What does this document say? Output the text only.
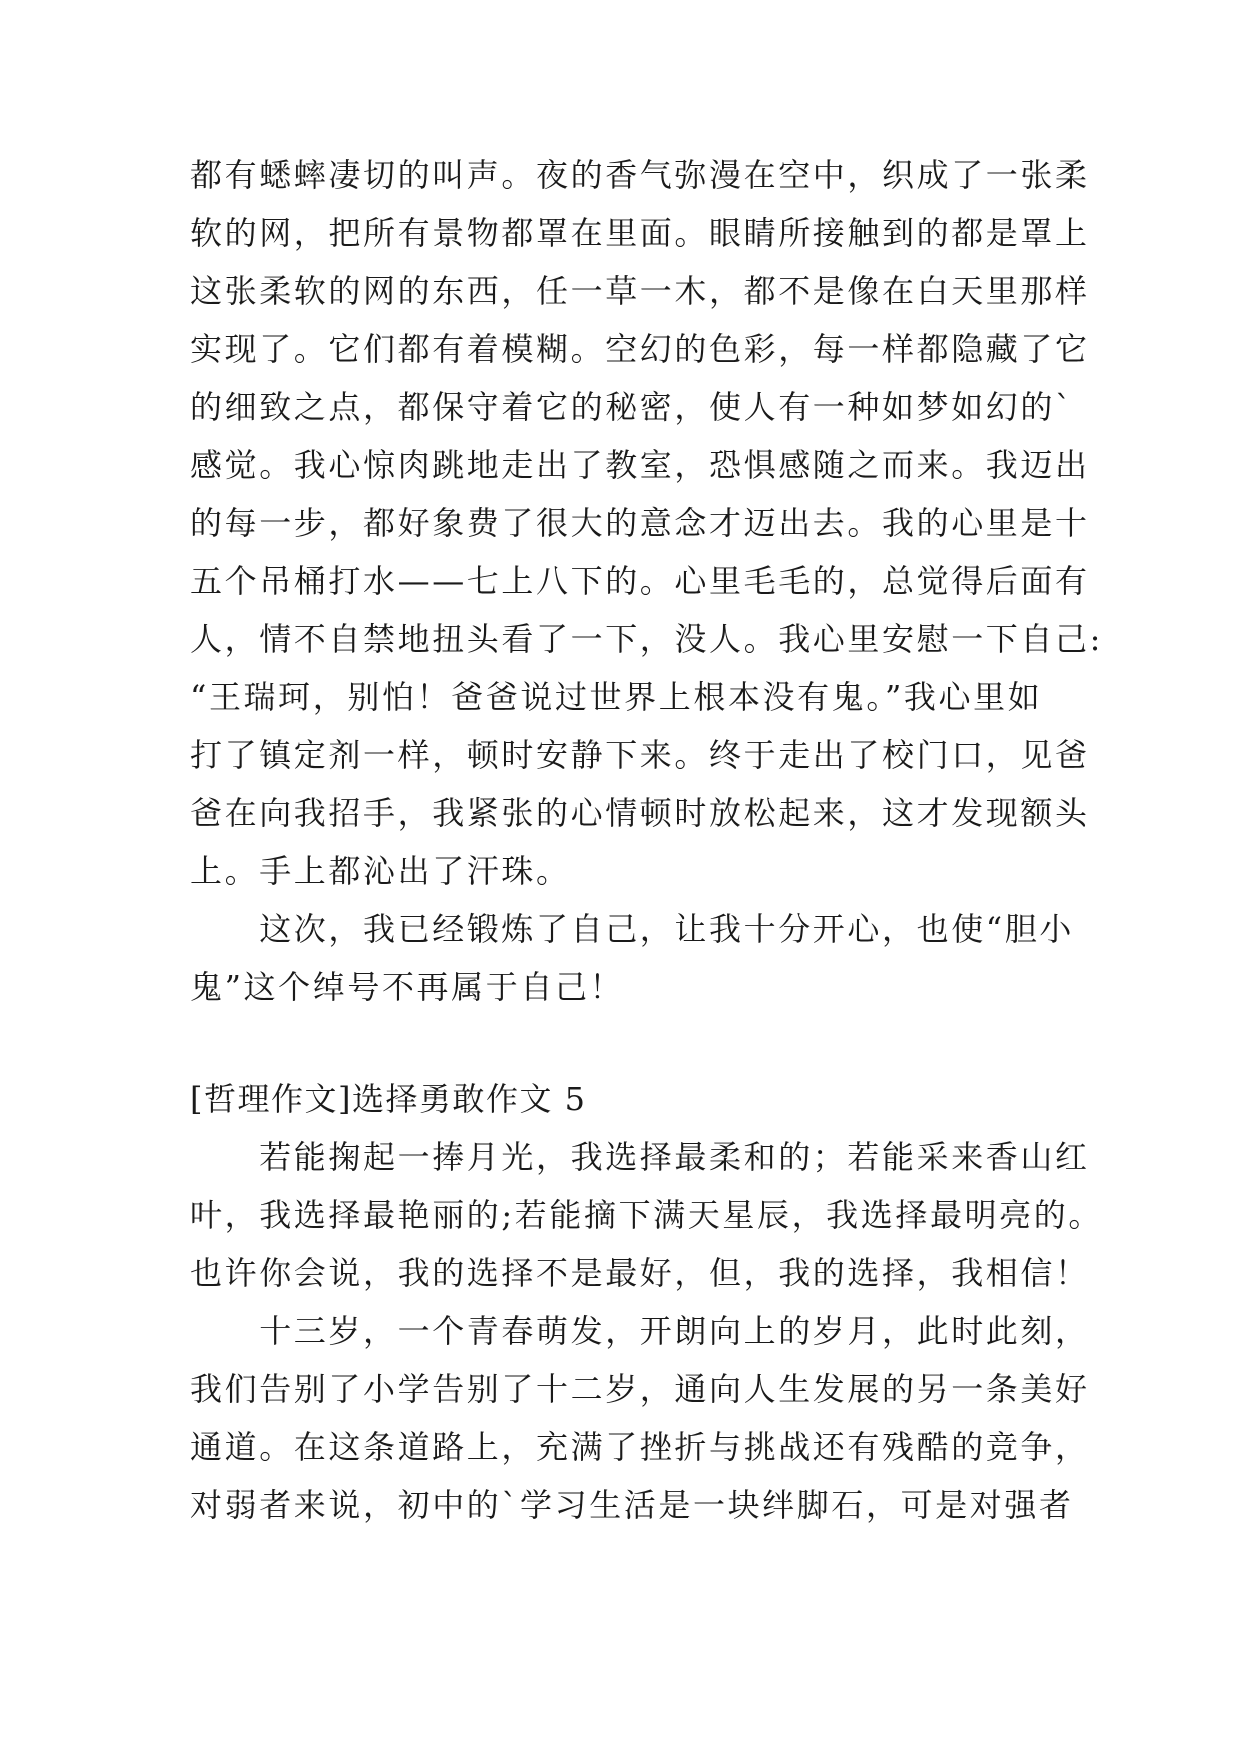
都有蟋蟀凄切的叫声。夜的香气弥漫在空中，织成了一张柔
软的网，把所有景物都罩在里面。眼睛所接触到的都是罩上
这张柔软的网的东西，任一草一木，都不是像在白天里那样
实现了。它们都有着模糊。空幻的色彩，每一样都隐藏了它
的细致之点，都保守着它的秘密，使人有一种如梦如幻的`
感觉。我心惊肉跳地走出了教室，恐惧感随之而来。我迈出
的每一步，都好象费了很大的意念才迈出去。我的心里是十
五个吊桶打水——七上八下的。心里毛毛的，总觉得后面有
人，情不自禁地扭头看了一下，没人。我心里安慰一下自己:
“王瑞珂，别怕！爸爸说过世界上根本没有鬼。”我心里如
打了镇定剂一样，顿时安静下来。终于走出了校门口，见爸
爸在向我招手，我紧张的心情顿时放松起来，这才发现额头
上。手上都沁出了汗珠。
　　这次，我已经锻炼了自己，让我十分开心，也使“胆小
鬼”这个绰号不再属于自己！
[哲理作文]选择勇敢作文 5
　　若能掬起一捧月光，我选择最柔和的；若能采来香山红
叶，我选择最艳丽的;若能摘下满天星辰，我选择最明亮的。
也许你会说，我的选择不是最好，但，我的选择，我相信！
　　十三岁，一个青春萌发，开朗向上的岁月，此时此刻，
我们告别了小学告别了十二岁，通向人生发展的另一条美好
通道。在这条道路上，充满了挫折与挑战还有残酷的竞争，
对弱者来说，初中的`学习生活是一块绊脚石，可是对强者
